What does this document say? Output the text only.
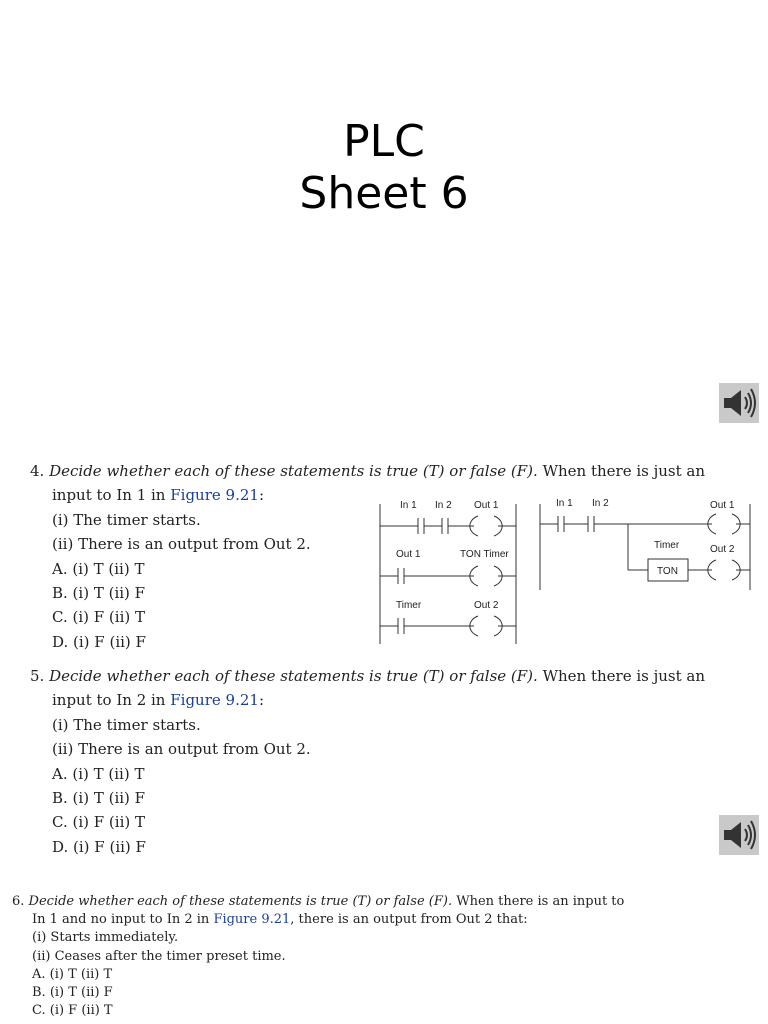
PLC
Sheet 6
4. Decide whether each of these statements is true (T) or false (F). When there is just an
input to In 1 in Figure 9.21:
(i) The timer starts.
(ii) There is an output from Out 2.
A. (i) T (ii) T
B. (i) T (ii) F
C. (i) F (ii) T
D. (i) F (ii) F
In 1 In 2 Out 1
Out 1	TON Timer
Timer	Out 2
In 1 In 2	Out 1
Timer	Out 2
TON
5. Decide whether each of these statements is true (T) or false (F). When there is just an
input to In 2 in Figure 9.21:
(i) The timer starts.
(ii) There is an output from Out 2.
A. (i) T (ii) T
B. (i) T (ii) F
C. (i) F (ii) T
D. (i) F (ii) F
6. Decide whether each of these statements is true (T) or false (F). When there is an input to
In 1 and no input to In 2 in Figure 9.21, there is an output from Out 2 that:
(i) Starts immediately.
(ii) Ceases after the timer preset time.
A. (i) T (ii) T
B. (i) T (ii) F
C. (i) F (ii) T
